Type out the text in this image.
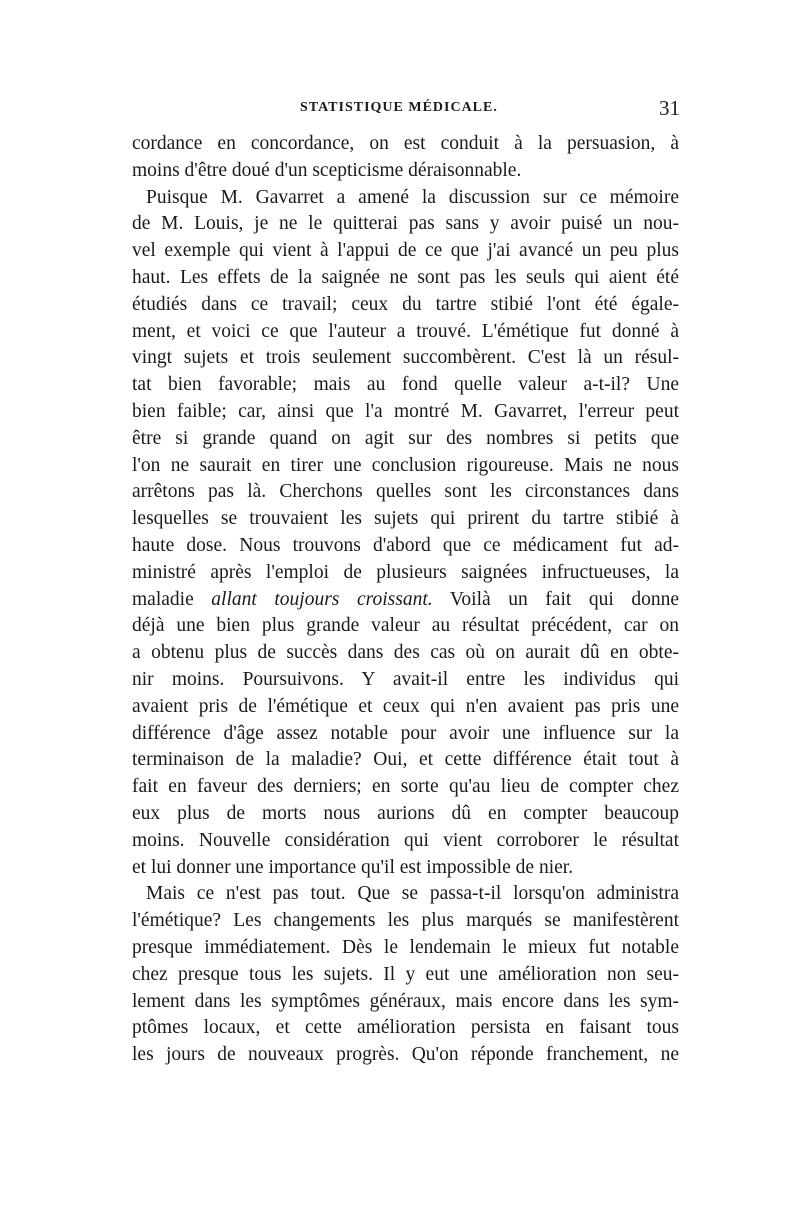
STATISTIQUE MÉDICALE.	31
cordance en concordance, on est conduit à la persuasion, à
moins d'être doué d'un scepticisme déraisonnable.
Puisque M. Gavarret a amené la discussion sur ce mémoire
de M. Louis, je ne le quitterai pas sans y avoir puisé un nou-
vel exemple qui vient à l'appui de ce que j'ai avancé un peu plus
haut. Les effets de la saignée ne sont pas les seuls qui aient été
étudiés dans ce travail; ceux du tartre stibié l'ont été égale-
ment, et voici ce que l'auteur a trouvé. L'émétique fut donné à
vingt sujets et trois seulement succombèrent. C'est là un résul-
tat bien favorable; mais au fond quelle valeur a-t-il? Une
bien faible; car, ainsi que l'a montré M. Gavarret, l'erreur peut
être si grande quand on agit sur des nombres si petits que
l'on ne saurait en tirer une conclusion rigoureuse. Mais ne nous
arrêtons pas là. Cherchons quelles sont les circonstances dans
lesquelles se trouvaient les sujets qui prirent du tartre stibié à
haute dose. Nous trouvons d'abord que ce médicament fut ad-
ministré après l'emploi de plusieurs saignées infructueuses, la
maladie allant toujours croissant. Voilà un fait qui donne
déjà une bien plus grande valeur au résultat précédent, car on
a obtenu plus de succès dans des cas où on aurait dû en obte-
nir moins. Poursuivons. Y avait-il entre les individus qui
avaient pris de l'émétique et ceux qui n'en avaient pas pris une
différence d'âge assez notable pour avoir une influence sur la
terminaison de la maladie? Oui, et cette différence était tout à
fait en faveur des derniers; en sorte qu'au lieu de compter chez
eux plus de morts nous aurions dû en compter beaucoup
moins. Nouvelle considération qui vient corroborer le résultat
et lui donner une importance qu'il est impossible de nier.
Mais ce n'est pas tout. Que se passa-t-il lorsqu'on administra
l'émétique? Les changements les plus marqués se manifestèrent
presque immédiatement. Dès le lendemain le mieux fut notable
chez presque tous les sujets. Il y eut une amélioration non seu-
lement dans les symptômes généraux, mais encore dans les sym-
ptômes locaux, et cette amélioration persista en faisant tous
les jours de nouveaux progrès. Qu'on réponde franchement, ne
